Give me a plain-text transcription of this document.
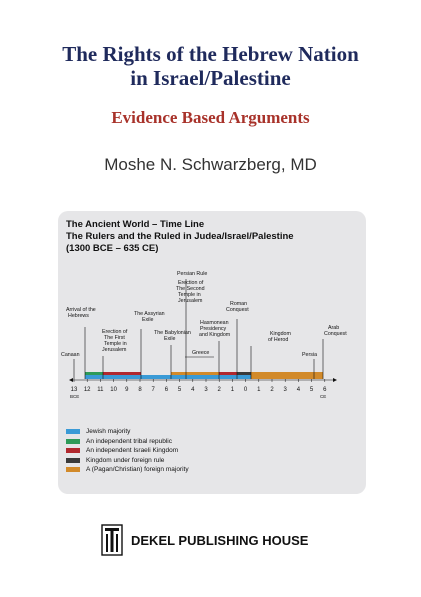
The Rights of the Hebrew Nation
in Israel/Palestine
Evidence Based Arguments
Moshe N. Schwarzberg, MD
The Ancient World – Time Line
The Rulers and the Ruled in Judea/Israel/Palestine
(1300 BCE – 635 CE)
Canaan
Arrival of the
Hebrews
Erection of
The First
Temple in
Jerusalem
The Assyrian
Exile
The Babylonian
Exile
Persian Rule
Erection of
The Second
Temple in
Jerusalem
Hasmonean
Presidency
and Kingdom
Greece
Roman
Conquest
Kingdom
of Herod
Persia
Arab
Conquest
13 12 11 10 9 8 7 6 5 4 3 2 1 0 1 2 3 4 5 6
BCE	CE
Jewish majority
An independent tribal republic
An independent Israeli Kingdom
Kingdom under foreign rule
A (Pagan/Christian) foreign majority
DEKEL PUBLISHING HOUSE
